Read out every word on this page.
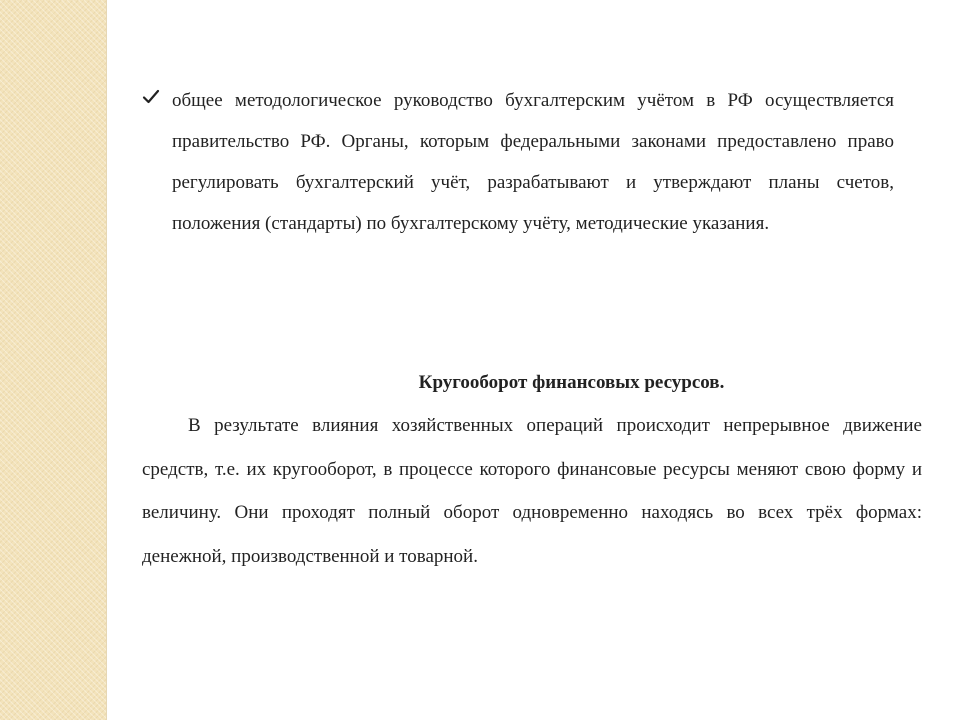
общее методологическое руководство бухгалтерским учётом в РФ осуществляется правительство РФ. Органы, которым федеральными законами предоставлено право регулировать бухгалтерский учёт, разрабатывают и утверждают планы счетов, положения (стандарты) по бухгалтерскому учёту, методические указания.
Кругооборот финансовых ресурсов.

В результате влияния хозяйственных операций происходит непрерывное движение средств, т.е. их кругооборот, в процессе которого финансовые ресурсы меняют свою форму и величину. Они проходят полный оборот одновременно находясь во всех трёх формах: денежной, производственной и товарной.
